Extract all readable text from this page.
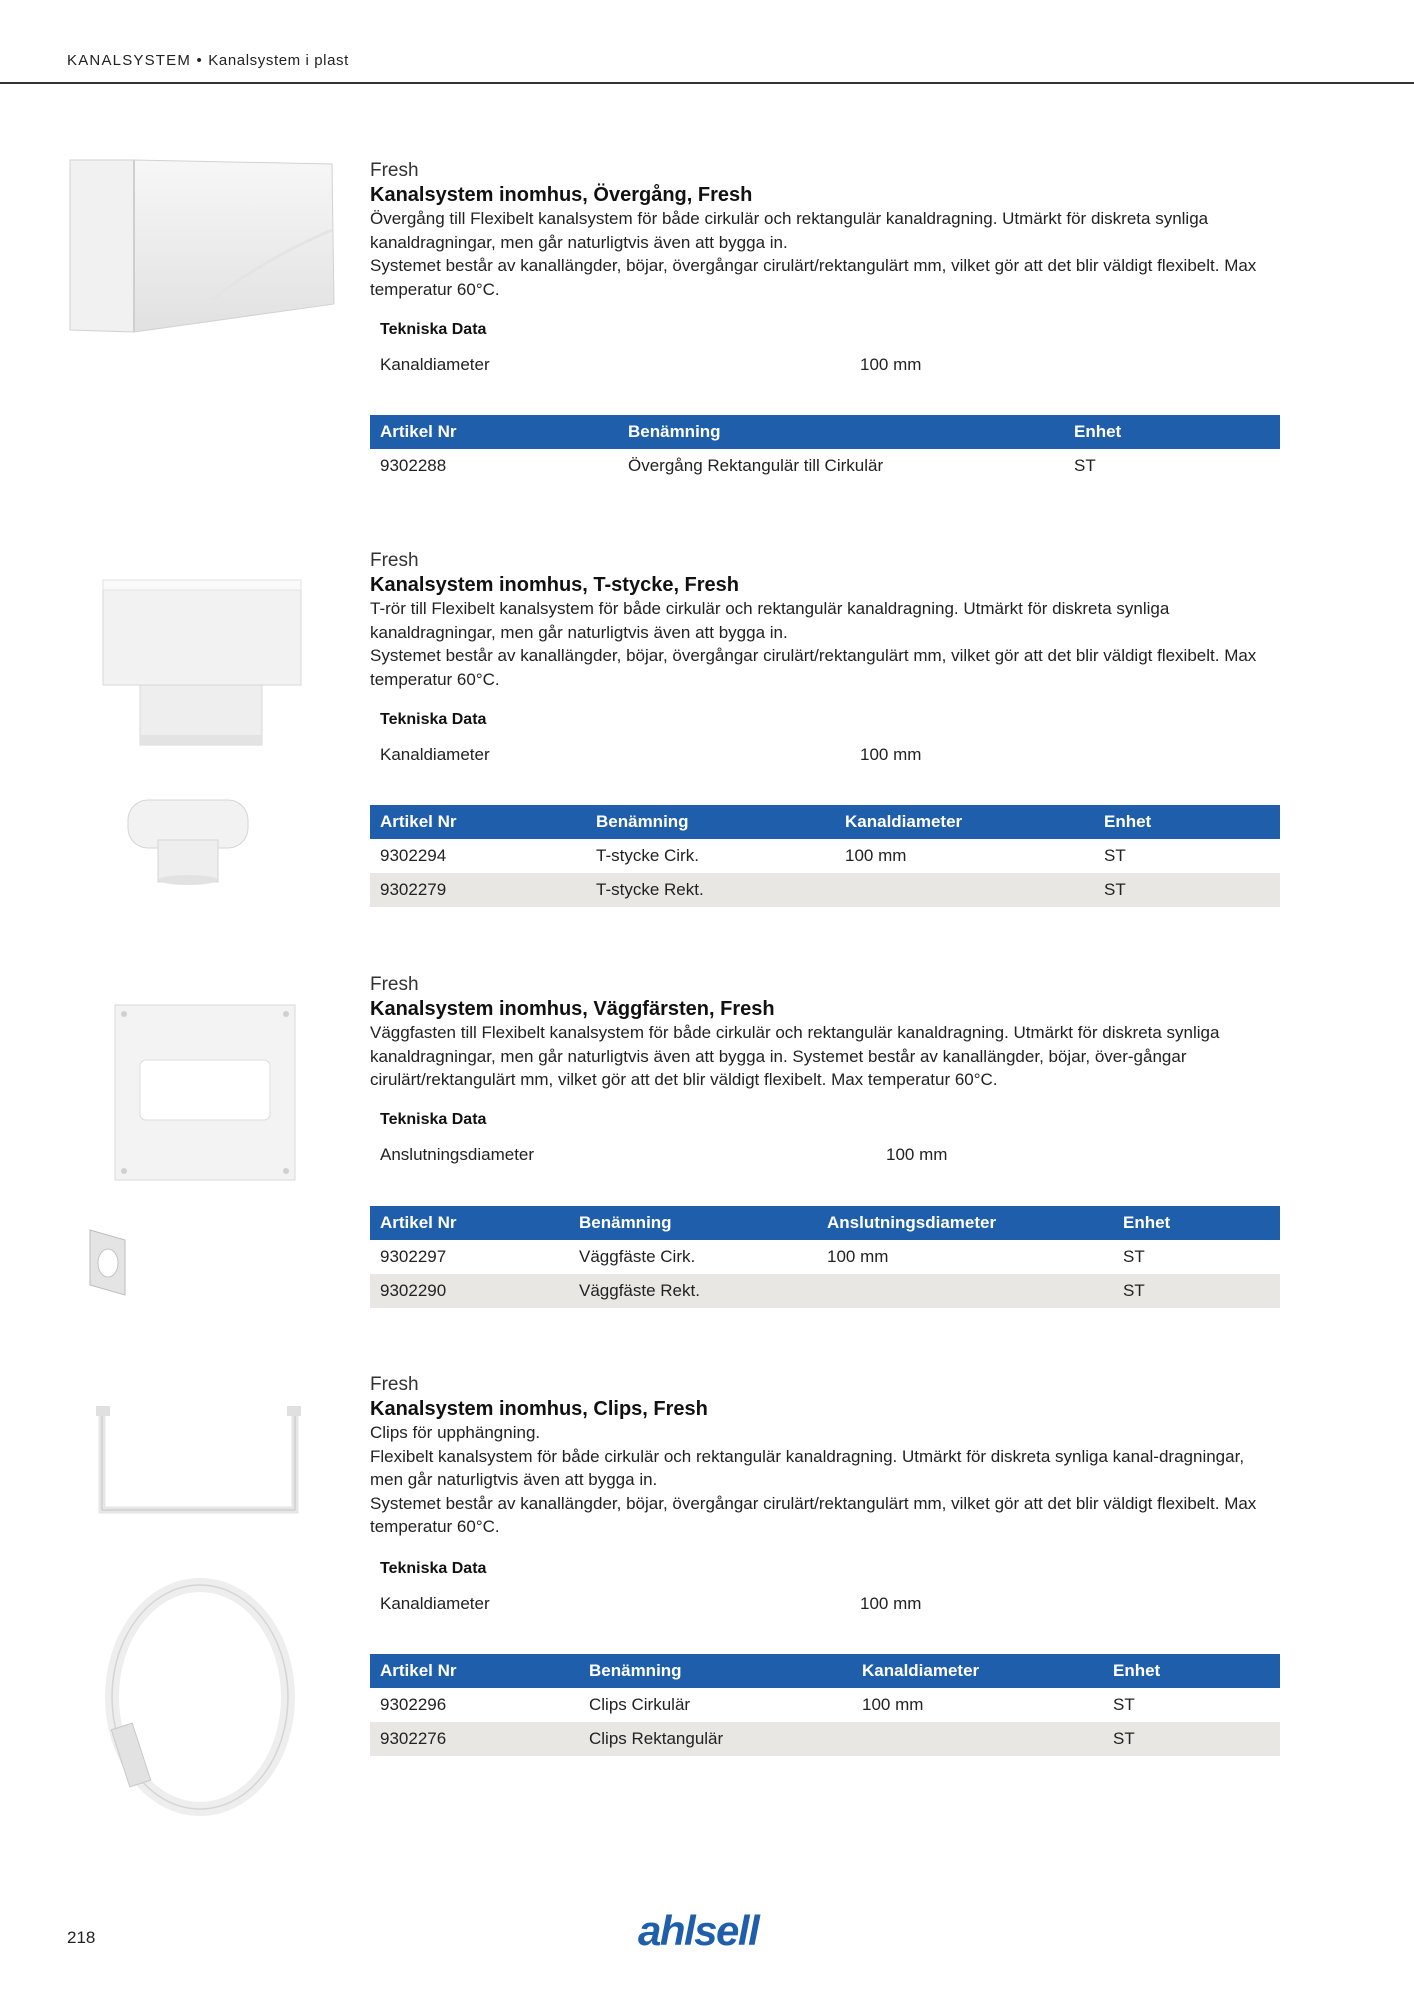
KANALSYSTEM • Kanalsystem i plast
Fresh
Kanalsystem inomhus, Övergång, Fresh

Övergång till Flexibelt kanalsystem för både cirkulär och rektangulär kanaldragning. Utmärkt för diskreta synliga kanaldragningar, men går naturligtvis även att bygga in.

Systemet består av kanallängder, böjar, övergångar cirulärt/rektangulärt mm, vilket gör att det blir väldigt flexibelt. Max temperatur 60°C.

Tekniska Data
Kanaldiameter	100 mm
Artikel Nr	Benämning	Enhet
9302288	Övergång Rektangulär till Cirkulär	ST
Fresh
Kanalsystem inomhus, T-stycke, Fresh

T-rör till Flexibelt kanalsystem för både cirkulär och rektangulär kanaldragning. Utmärkt för diskreta synliga kanaldragningar, men går naturligtvis även att bygga in.

Systemet består av kanallängder, böjar, övergångar cirulärt/rektangulärt mm, vilket gör att det blir väldigt flexibelt. Max temperatur 60°C.

Tekniska Data
Kanaldiameter	100 mm
Artikel Nr	Benämning	Kanaldiameter	Enhet
9302294	T-stycke Cirk.	100 mm	ST
9302279	T-stycke Rekt.		ST
Fresh
Kanalsystem inomhus, Väggfärsten, Fresh

Väggfasten till Flexibelt kanalsystem för både cirkulär och rektangulär kanaldragning. Utmärkt för diskreta synliga kanaldragningar, men går naturligtvis även att bygga in. Systemet består av kanallängder, böjar, över-gångar cirulärt/rektangulärt mm, vilket gör att det blir väldigt flexibelt. Max temperatur 60°C.

Tekniska Data
Anslutningsdiameter	100 mm
Artikel Nr	Benämning	Anslutningsdiameter	Enhet
9302297	Väggfäste Cirk.	100 mm	ST
9302290	Väggfäste Rekt.		ST
Fresh
Kanalsystem inomhus, Clips, Fresh

Clips för upphängning.

Flexibelt kanalsystem för både cirkulär och rektangulär kanaldragning. Utmärkt för diskreta synliga kanal-dragningar, men går naturligtvis även att bygga in.

Systemet består av kanallängder, böjar, övergångar cirulärt/rektangulärt mm, vilket gör att det blir väldigt flexibelt. Max temperatur 60°C.

Tekniska Data
Kanaldiameter	100 mm
Artikel Nr	Benämning	Kanaldiameter	Enhet
9302296	Clips Cirkulär	100 mm	ST
9302276	Clips Rektangulär		ST
218	ahlsell
